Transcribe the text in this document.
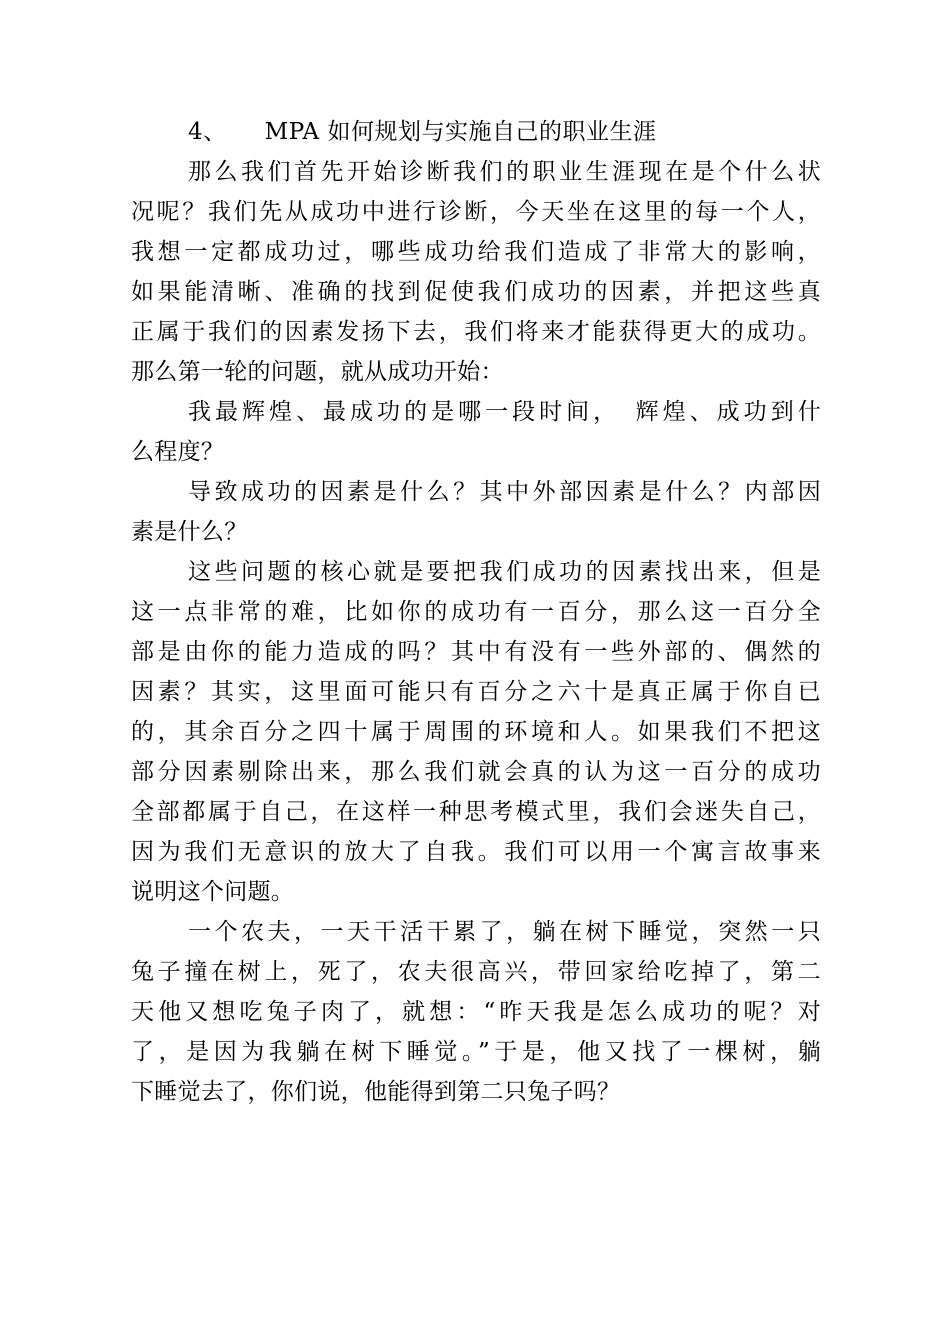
4、 MPA 如何规划与实施自己的职业生涯
那么我们首先开始诊断我们的职业生涯现在是个什么状
况呢？我们先从成功中进行诊断，今天坐在这里的每一个人，
我想一定都成功过，哪些成功给我们造成了非常大的影响，
如果能清晰、准确的找到促使我们成功的因素，并把这些真
正属于我们的因素发扬下去，我们将来才能获得更大的成功。
那么第一轮的问题，就从成功开始：
我最辉煌、最成功的是哪一段时间，　辉煌、成功到什
么程度？
导致成功的因素是什么？其中外部因素是什么？内部因
素是什么？
这些问题的核心就是要把我们成功的因素找出来，但是
这一点非常的难，比如你的成功有一百分，那么这一百分全
部是由你的能力造成的吗？其中有没有一些外部的、偶然的
因素？其实，这里面可能只有百分之六十是真正属于你自已
的，其余百分之四十属于周围的环境和人。如果我们不把这
部分因素剔除出来，那么我们就会真的认为这一百分的成功
全部都属于自己，在这样一种思考模式里，我们会迷失自己，
因为我们无意识的放大了自我。我们可以用一个寓言故事来
说明这个问题。
一个农夫，一天干活干累了，躺在树下睡觉，突然一只
兔子撞在树上，死了，农夫很高兴，带回家给吃掉了，第二
天他又想吃兔子肉了，就想：“昨天我是怎么成功的呢？对
了，是因为我躺在树下睡觉。”于是，他又找了一棵树，躺
下睡觉去了，你们说，他能得到第二只兔子吗？
